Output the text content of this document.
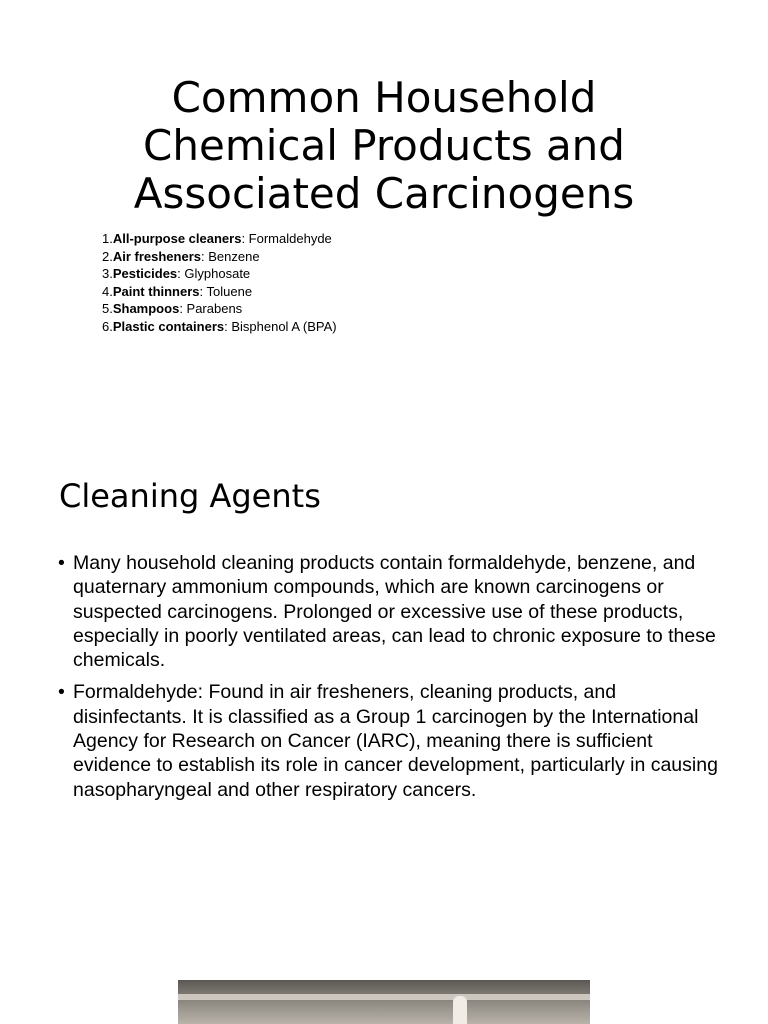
Common Household Chemical Products and Associated Carcinogens
1.All-purpose cleaners: Formaldehyde
2.Air fresheners: Benzene
3.Pesticides: Glyphosate
4.Paint thinners: Toluene
5.Shampoos: Parabens
6.Plastic containers: Bisphenol A (BPA)
Cleaning Agents
• Many household cleaning products contain formaldehyde, benzene, and quaternary ammonium compounds, which are known carcinogens or suspected carcinogens. Prolonged or excessive use of these products, especially in poorly ventilated areas, can lead to chronic exposure to these chemicals.
• Formaldehyde: Found in air fresheners, cleaning products, and disinfectants. It is classified as a Group 1 carcinogen by the International Agency for Research on Cancer (IARC), meaning there is sufficient evidence to establish its role in cancer development, particularly in causing nasopharyngeal and other respiratory cancers.
